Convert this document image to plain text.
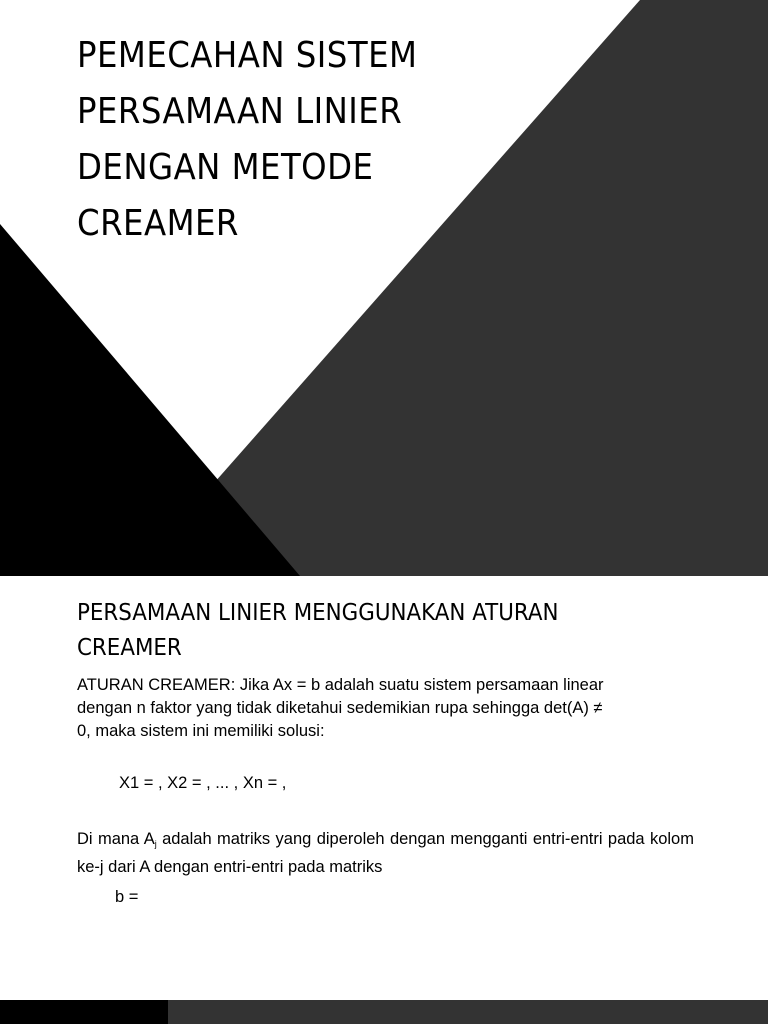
PEMECAHAN SISTEM
PERSAMAAN LINIER
DENGAN METODE
CREAMER
PERSAMAAN LINIER MENGGUNAKAN ATURAN
CREAMER
ATURAN CREAMER: Jika Ax = b adalah suatu sistem persamaan linear
dengan n faktor yang tidak diketahui sedemikian rupa sehingga det(A) ≠
0, maka sistem ini memiliki solusi:
X1 = , X2 = , ... , Xn = ,
Di mana $A_j$ adalah matriks yang diperoleh dengan mengganti entri-entri pada kolom ke-j dari A dengan entri-entri pada matriks
b =
